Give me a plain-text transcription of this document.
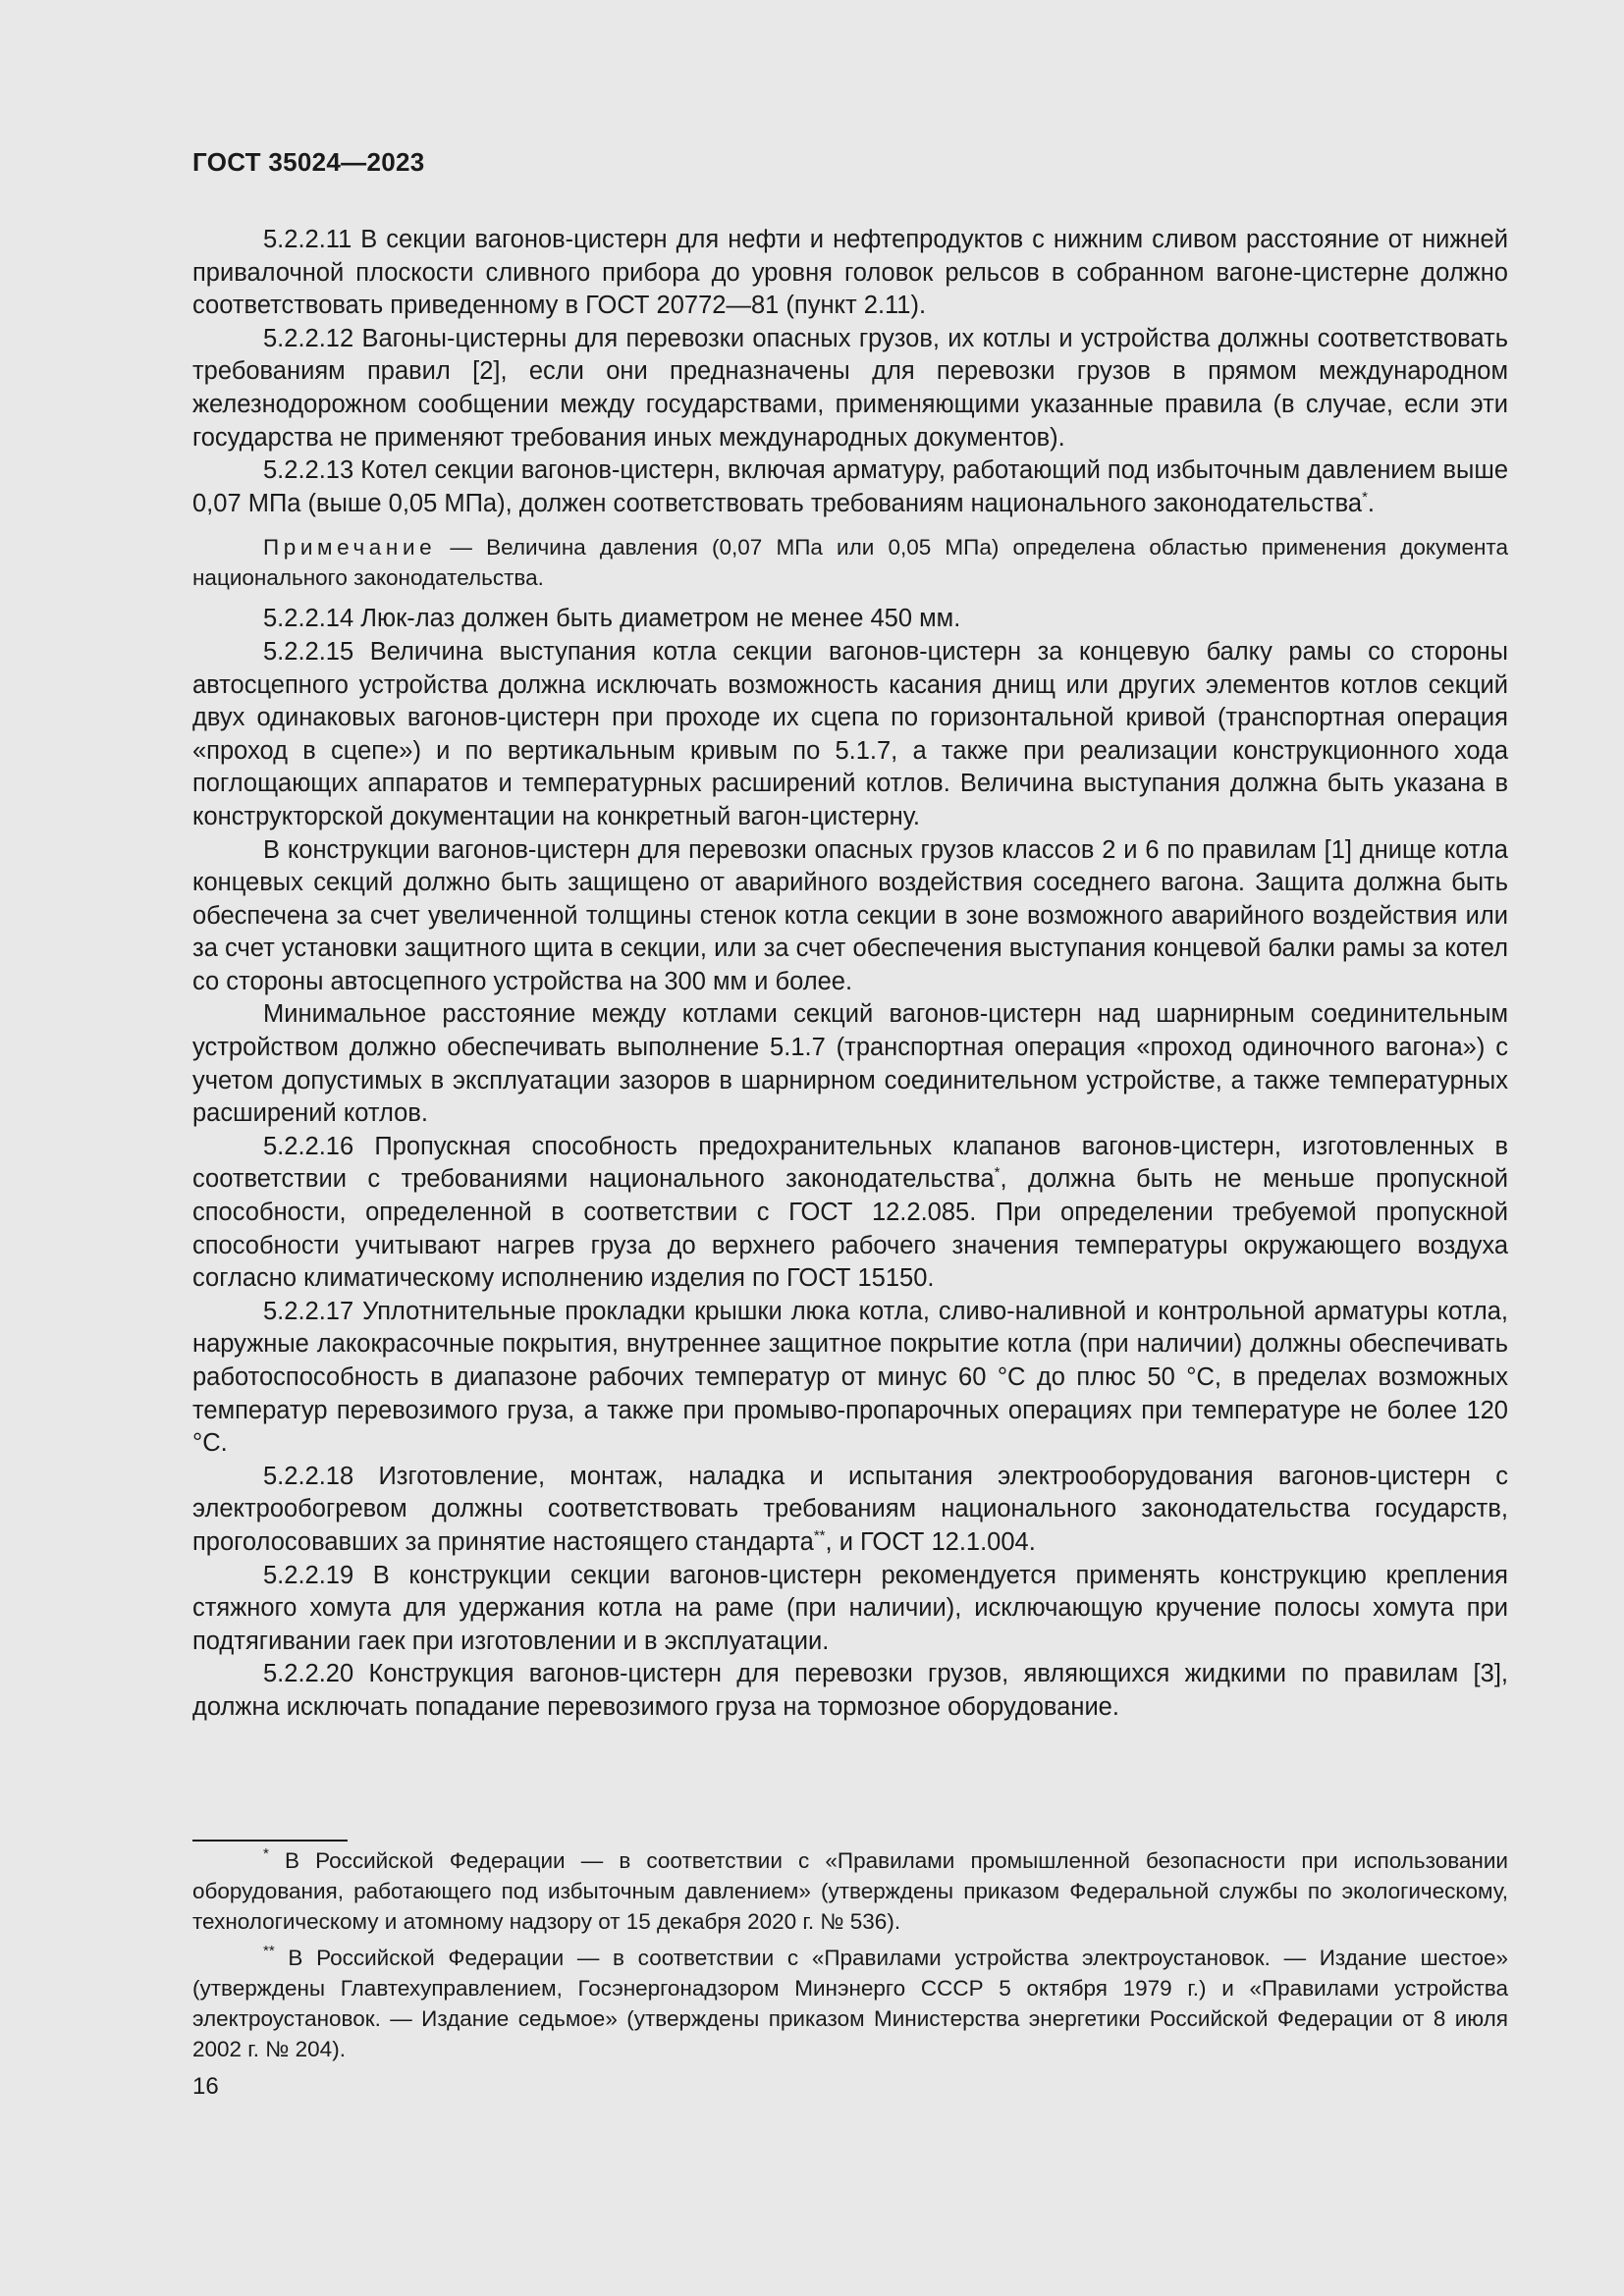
ГОСТ 35024—2023

5.2.2.11 В секции вагонов-цистерн для нефти и нефтепродуктов с нижним сливом расстояние от нижней привалочной плоскости сливного прибора до уровня головок рельсов в собранном вагоне-цистерне должно соответствовать приведенному в ГОСТ 20772—81 (пункт 2.11).

5.2.2.12 Вагоны-цистерны для перевозки опасных грузов, их котлы и устройства должны соответствовать требованиям правил [2], если они предназначены для перевозки грузов в прямом международном железнодорожном сообщении между государствами, применяющими указанные правила (в случае, если эти государства не применяют требования иных международных документов).

5.2.2.13 Котел секции вагонов-цистерн, включая арматуру, работающий под избыточным давлением выше 0,07 МПа (выше 0,05 МПа), должен соответствовать требованиям национального законодательства*.

Примечание — Величина давления (0,07 МПа или 0,05 МПа) определена областью применения документа национального законодательства.

5.2.2.14 Люк-лаз должен быть диаметром не менее 450 мм.

5.2.2.15 Величина выступания котла секции вагонов-цистерн за концевую балку рамы со стороны автосцепного устройства должна исключать возможность касания днищ или других элементов котлов секций двух одинаковых вагонов-цистерн при проходе их сцепа по горизонтальной кривой (транспортная операция «проход в сцепе») и по вертикальным кривым по 5.1.7, а также при реализации конструкционного хода поглощающих аппаратов и температурных расширений котлов. Величина выступания должна быть указана в конструкторской документации на конкретный вагон-цистерну.

В конструкции вагонов-цистерн для перевозки опасных грузов классов 2 и 6 по правилам [1] днище котла концевых секций должно быть защищено от аварийного воздействия соседнего вагона. Защита должна быть обеспечена за счет увеличенной толщины стенок котла секции в зоне возможного аварийного воздействия или за счет установки защитного щита в секции, или за счет обеспечения выступания концевой балки рамы за котел со стороны автосцепного устройства на 300 мм и более.

Минимальное расстояние между котлами секций вагонов-цистерн над шарнирным соединительным устройством должно обеспечивать выполнение 5.1.7 (транспортная операция «проход одиночного вагона») с учетом допустимых в эксплуатации зазоров в шарнирном соединительном устройстве, а также температурных расширений котлов.

5.2.2.16 Пропускная способность предохранительных клапанов вагонов-цистерн, изготовленных в соответствии с требованиями национального законодательства*, должна быть не меньше пропускной способности, определенной в соответствии с ГОСТ 12.2.085. При определении требуемой пропускной способности учитывают нагрев груза до верхнего рабочего значения температуры окружающего воздуха согласно климатическому исполнению изделия по ГОСТ 15150.

5.2.2.17 Уплотнительные прокладки крышки люка котла, сливо-наливной и контрольной арматуры котла, наружные лакокрасочные покрытия, внутреннее защитное покрытие котла (при наличии) должны обеспечивать работоспособность в диапазоне рабочих температур от минус 60 °C до плюс 50 °C, в пределах возможных температур перевозимого груза, а также при промыво-пропарочных операциях при температуре не более 120 °C.

5.2.2.18 Изготовление, монтаж, наладка и испытания электрооборудования вагонов-цистерн с электрообогревом должны соответствовать требованиям национального законодательства государств, проголосовавших за принятие настоящего стандарта**, и ГОСТ 12.1.004.

5.2.2.19 В конструкции секции вагонов-цистерн рекомендуется применять конструкцию крепления стяжного хомута для удержания котла на раме (при наличии), исключающую кручение полосы хомута при подтягивании гаек при изготовлении и в эксплуатации.

5.2.2.20 Конструкция вагонов-цистерн для перевозки грузов, являющихся жидкими по правилам [3], должна исключать попадание перевозимого груза на тормозное оборудование.

* В Российской Федерации — в соответствии с «Правилами промышленной безопасности при использовании оборудования, работающего под избыточным давлением» (утверждены приказом Федеральной службы по экологическому, технологическому и атомному надзору от 15 декабря 2020 г. № 536).

** В Российской Федерации — в соответствии с «Правилами устройства электроустановок. — Издание шестое» (утверждены Главтехуправлением, Госэнергонадзором Минэнерго СССР 5 октября 1979 г.) и «Правилами устройства электроустановок. — Издание седьмое» (утверждены приказом Министерства энергетики Российской Федерации от 8 июля 2002 г. № 204).

16
